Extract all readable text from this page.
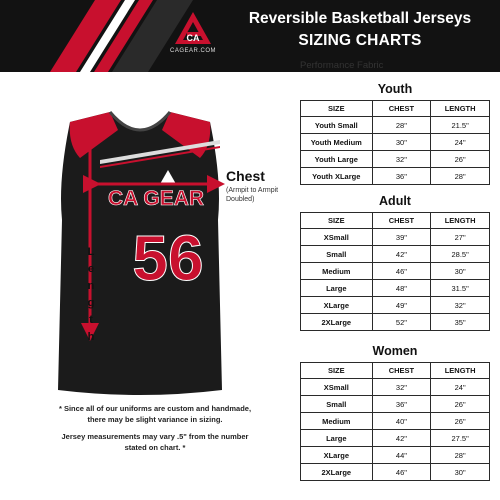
CA
CAGEAR.COM
Reversible Basketball Jerseys
SIZING CHARTS
Performance Fabric
CA GEAR
56
Chest
(Armpit to Armpit
Doubled)
L
e
n
g
t
h
* Since all of our uniforms are custom and handmade,
there may be slight variance in sizing.
Jersey measurements may vary .5" from the number
stated on chart. *
Youth
SIZE	CHEST	LENGTH
Youth Small	28"	21.5"
Youth Medium	30"	24"
Youth Large	32"	26"
Youth XLarge	36"	28"
Adult
SIZE	CHEST	LENGTH
XSmall	39"	27"
Small	42"	28.5"
Medium	46"	30"
Large	48"	31.5"
XLarge	49"	32"
2XLarge	52"	35"
Women
SIZE	CHEST	LENGTH
XSmall	32"	24"
Small	36"	26"
Medium	40"	26"
Large	42"	27.5"
XLarge	44"	28"
2XLarge	46"	30"
